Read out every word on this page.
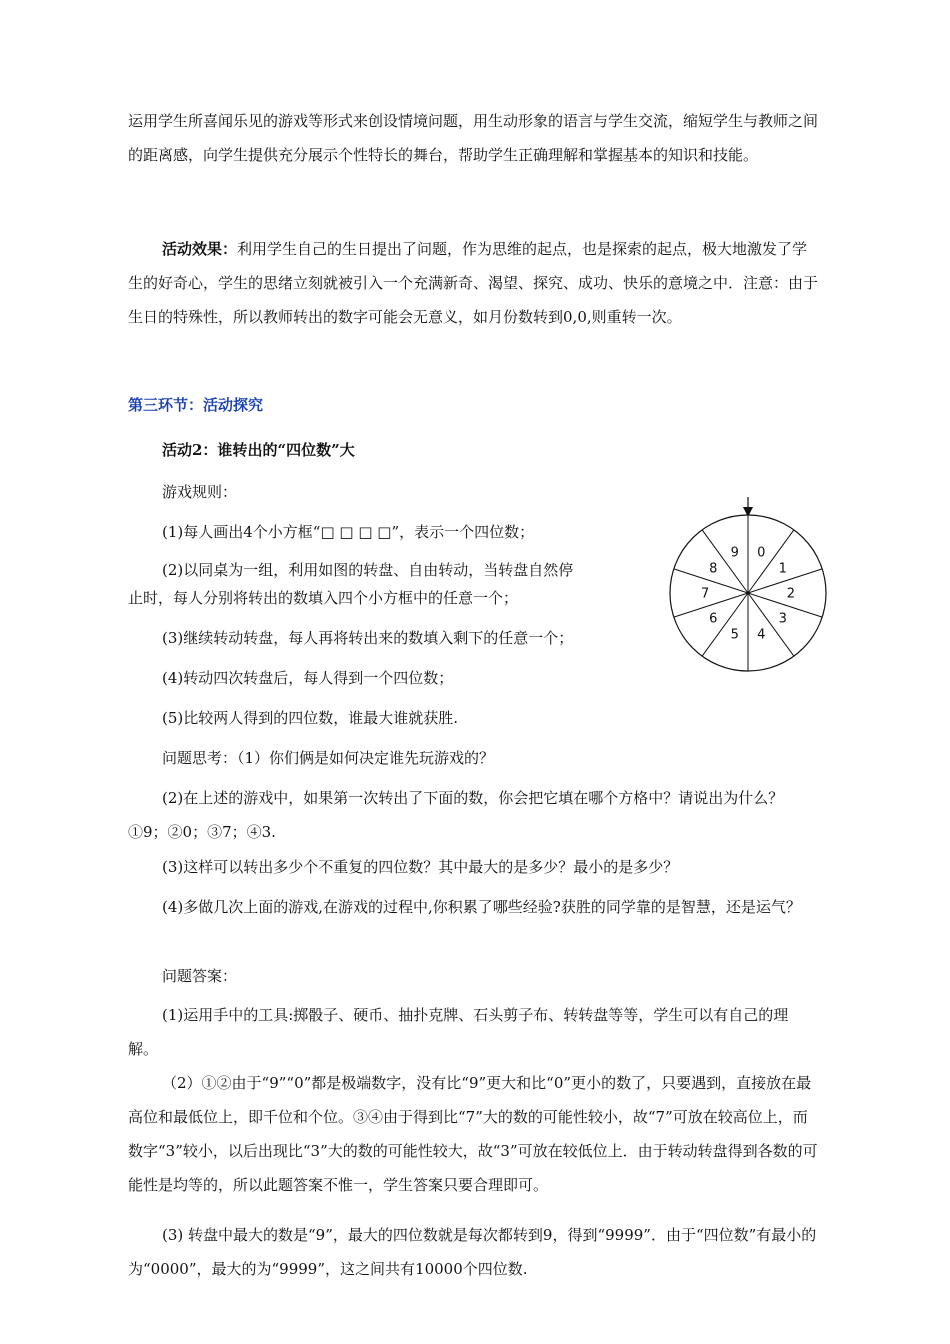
运用学生所喜闻乐见的游戏等形式来创设情境问题，用生动形象的语言与学生交流，缩短学生与教师之间的距离感，向学生提供充分展示个性特长的舞台，帮助学生正确理解和掌握基本的知识和技能。

活动效果：利用学生自己的生日提出了问题，作为思维的起点，也是探索的起点，极大地激发了学生的好奇心，学生的思绪立刻就被引入一个充满新奇、渴望、探究、成功、快乐的意境之中．注意：由于生日的特殊性，所以教师转出的数字可能会无意义，如月份数转到0,0,则重转一次。

第三环节：活动探究

活动2：谁转出的“四位数”大

游戏规则：

(1)每人画出4个小方框“□ □ □ □”，表示一个四位数；

(2)以同桌为一组，利用如图的转盘、自由转动，当转盘自然停

止时，每人分别将转出的数填入四个小方框中的任意一个；

(3)继续转动转盘，每人再将转出来的数填入剩下的任意一个；

(4)转动四次转盘后，每人得到一个四位数；

(5)比较两人得到的四位数，谁最大谁就获胜.

问题思考：（1）你们俩是如何决定谁先玩游戏的？

(2)在上述的游戏中，如果第一次转出了下面的数，你会把它填在哪个方格中？请说出为什么？①9；②0；③7；④3.

(3)这样可以转出多少个不重复的四位数？其中最大的是多少？最小的是多少？

(4)多做几次上面的游戏,在游戏的过程中,你积累了哪些经验?获胜的同学靠的是智慧，还是运气？

问题答案：

(1)运用手中的工具:掷骰子、硬币、抽扑克牌、石头剪子布、转转盘等等，学生可以有自己的理解。

（2）①②由于“9”“0”都是极端数字，没有比“9”更大和比“0”更小的数了，只要遇到，直接放在最高位和最低位上，即千位和个位。③④由于得到比“7”大的数的可能性较小，故“7”可放在较高位上，而数字“3”较小，以后出现比“3”大的数的可能性较大，故“3”可放在较低位上．由于转动转盘得到各数的可能性是均等的，所以此题答案不惟一，学生答案只要合理即可。

(3) 转盘中最大的数是“9”，最大的四位数就是每次都转到9，得到“9999”．由于“四位数”有最小的为“0000”，最大的为“9999”，这之间共有10000个四位数.

0
1
2
3
4
5
6
7
8
9
